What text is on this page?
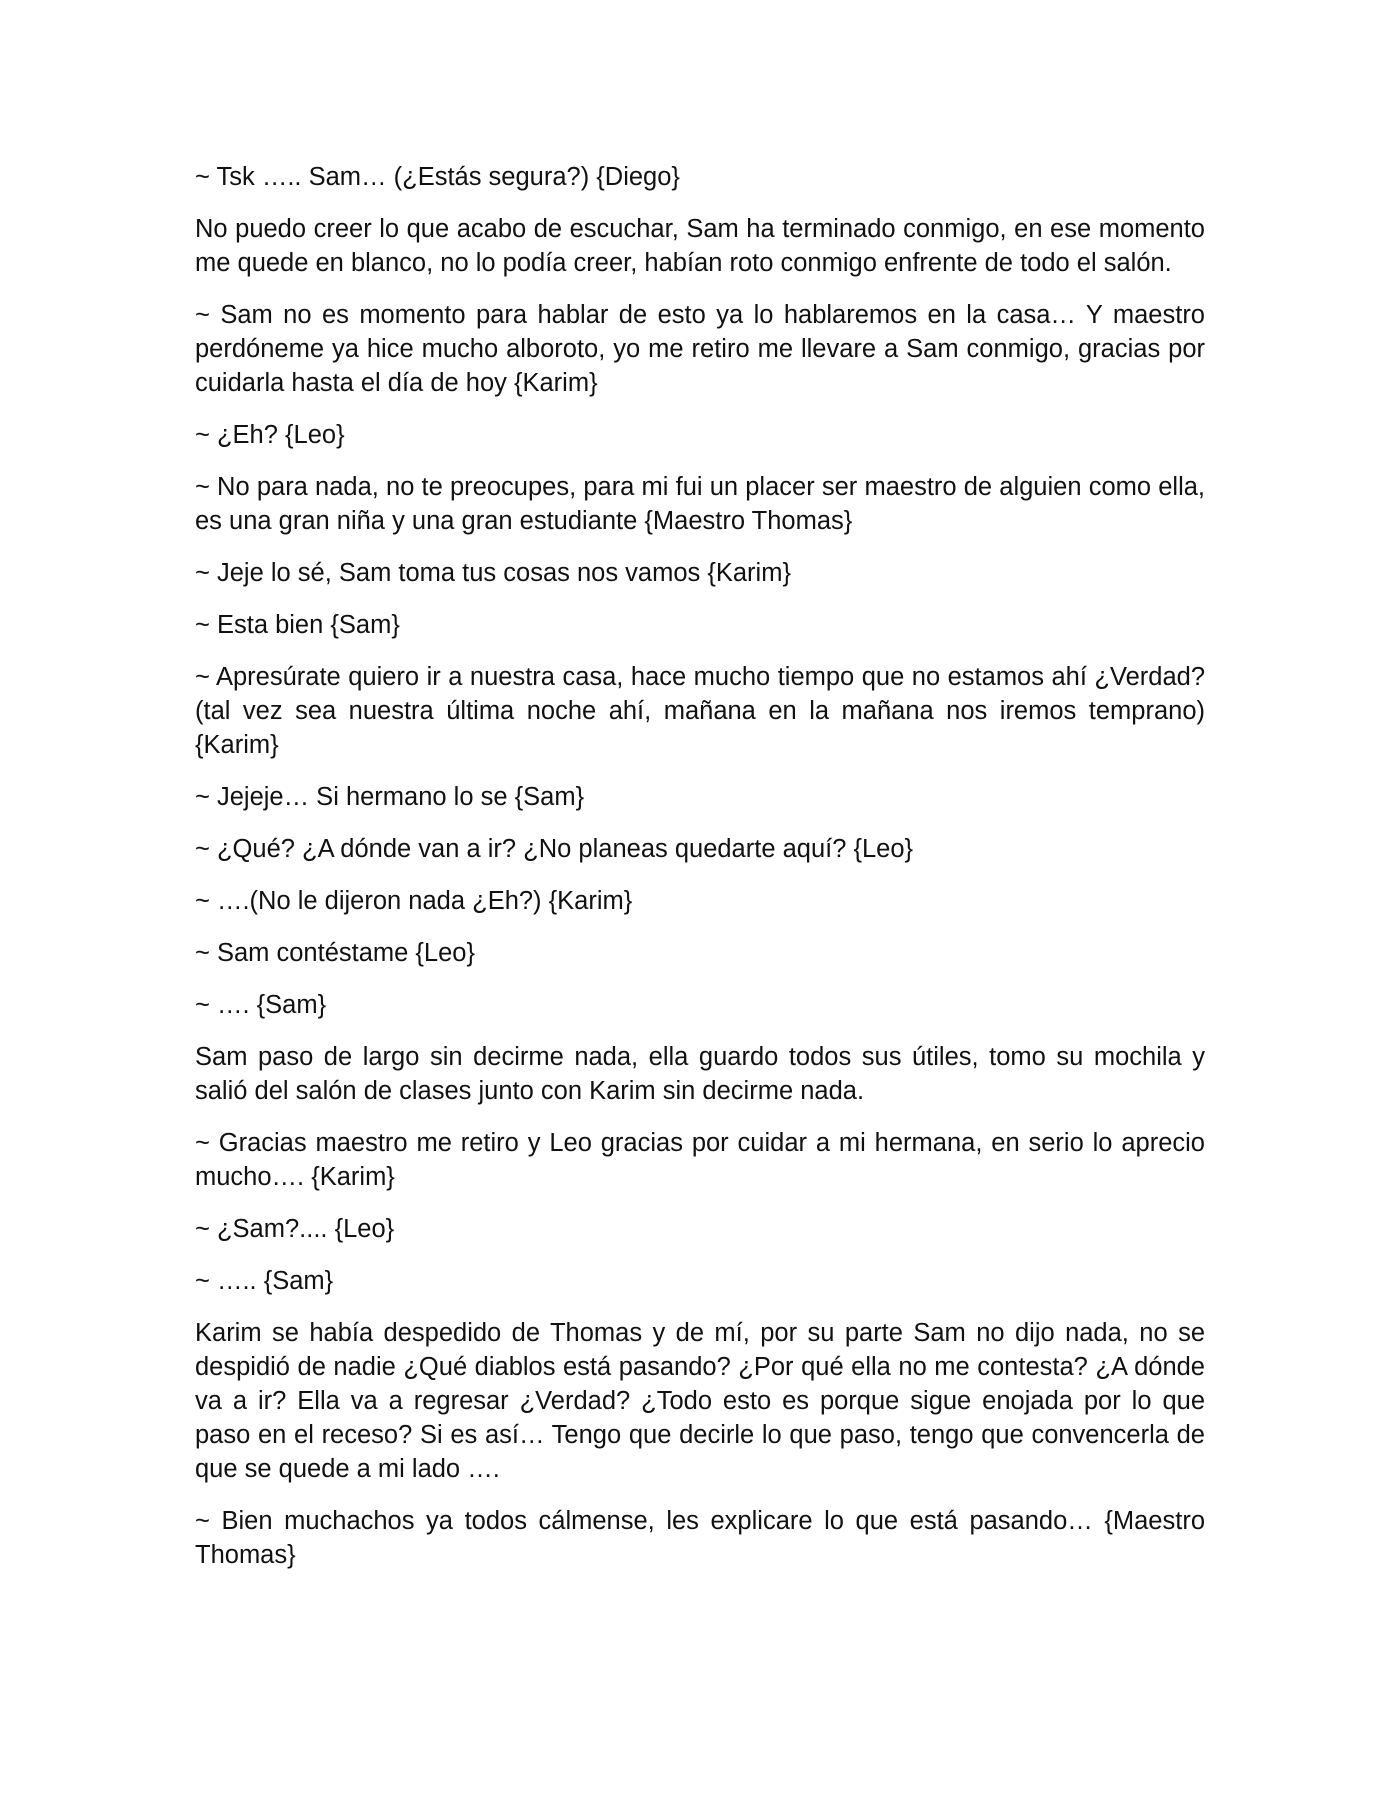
~ Tsk ….. Sam… (¿Estás segura?) {Diego}

No puedo creer lo que acabo de escuchar, Sam ha terminado conmigo, en ese momento me quede en blanco, no lo podía creer, habían roto conmigo enfrente de todo el salón.

~ Sam no es momento para hablar de esto ya lo hablaremos en la casa… Y maestro perdóneme ya hice mucho alboroto, yo me retiro me llevare a Sam conmigo, gracias por cuidarla hasta el día de hoy {Karim}

~ ¿Eh? {Leo}

~ No para nada, no te preocupes, para mi fui un placer ser maestro de alguien como ella, es una gran niña y una gran estudiante {Maestro Thomas}

~ Jeje lo sé, Sam toma tus cosas nos vamos {Karim}

~ Esta bien {Sam}

~ Apresúrate quiero ir a nuestra casa, hace mucho tiempo que no estamos ahí ¿Verdad? (tal vez sea nuestra última noche ahí, mañana en la mañana nos iremos temprano) {Karim}

~ Jejeje… Si hermano lo se {Sam}

~ ¿Qué? ¿A dónde van a ir? ¿No planeas quedarte aquí? {Leo}

~ ….(No le dijeron nada ¿Eh?) {Karim}

~ Sam contéstame {Leo}

~ …. {Sam}

Sam paso de largo sin decirme nada, ella guardo todos sus útiles, tomo su mochila y salió del salón de clases junto con Karim sin decirme nada.

~ Gracias maestro me retiro y Leo gracias por cuidar a mi hermana, en serio lo aprecio mucho…. {Karim}

~ ¿Sam?.... {Leo}

~ ….. {Sam}

Karim se había despedido de Thomas y de mí, por su parte Sam no dijo nada, no se despidió de nadie ¿Qué diablos está pasando? ¿Por qué ella no me contesta? ¿A dónde va a ir? Ella va a regresar ¿Verdad? ¿Todo esto es porque sigue enojada por lo que paso en el receso? Si es así… Tengo que decirle lo que paso, tengo que convencerla de que se quede a mi lado ….

~ Bien muchachos ya todos cálmense, les explicare lo que está pasando… {Maestro Thomas}
